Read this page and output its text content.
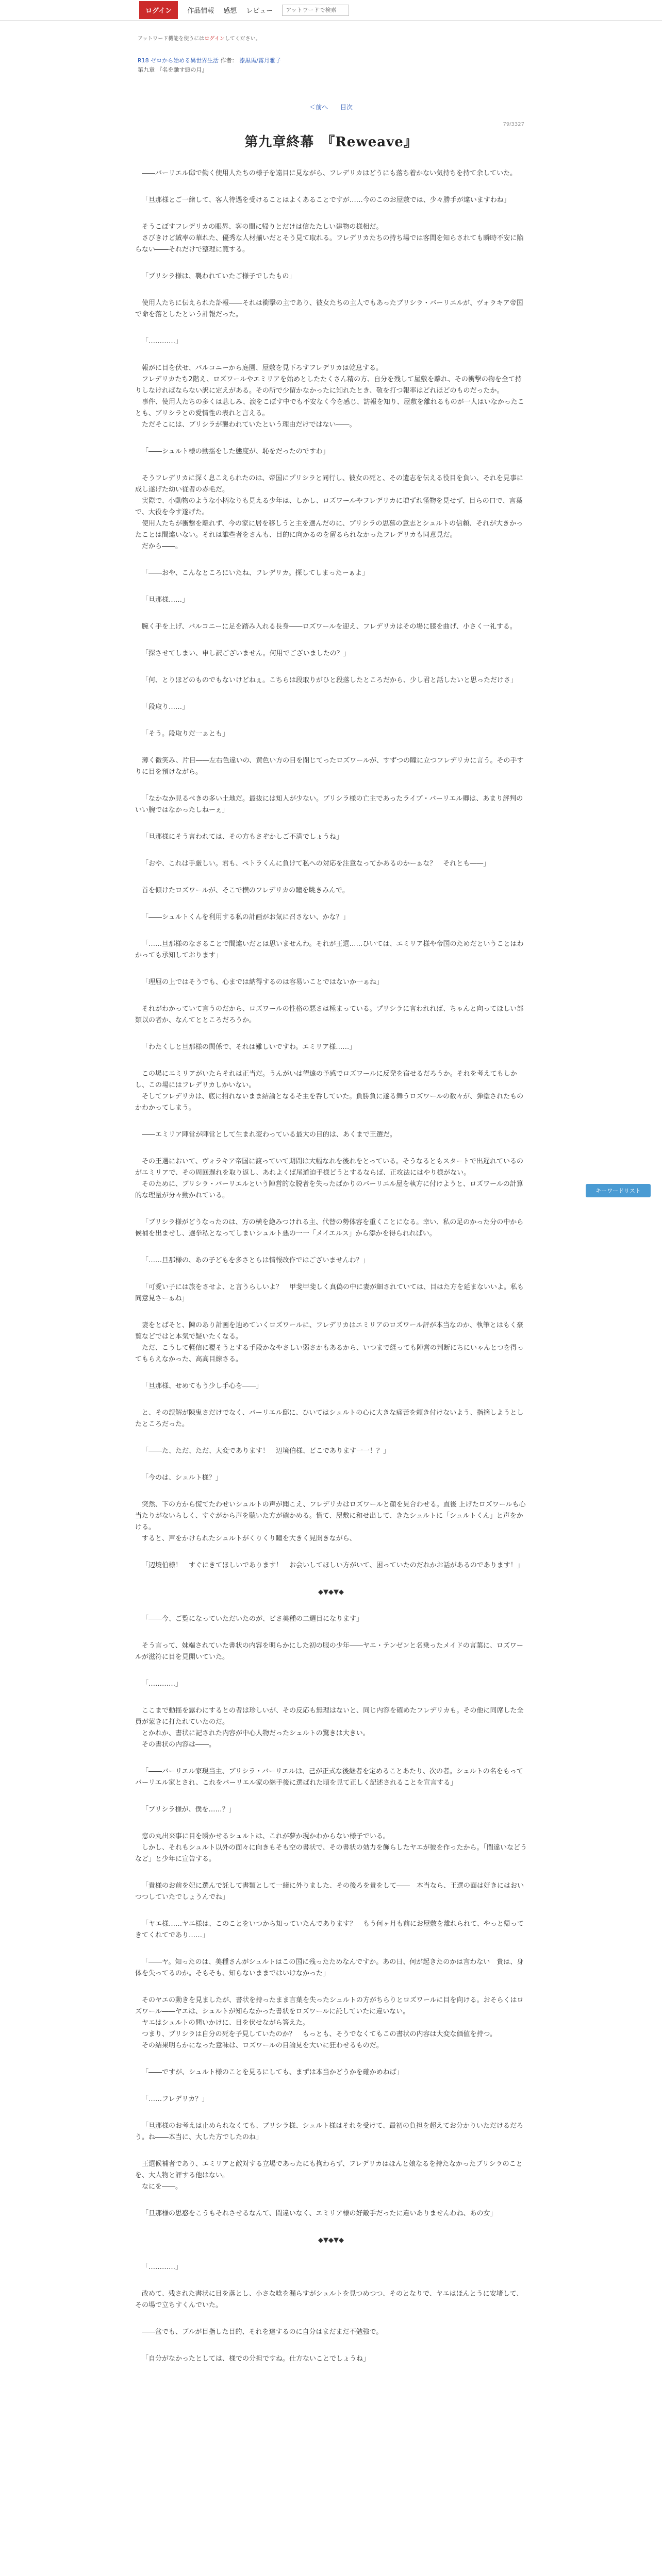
ログイン	作品情報 感想 レビュー
アットワードで検索
アットワード機能を使うにはログインしてください。
R18 ゼロから始める異世界生活 作者： 漆黒馬/霧月雅子
第九章 『名を馳す頭の月』
＜前へ 目次
79/3327
第九章終幕　『Reweave』

――バーリエル邸で働く使用人たちの様子を遠目に見ながら、フレデリカはどうにも落ち着かない気持ちを持て余していた。

「旦那様とご一緒して、客人待遇を受けることはよくあることですが……今のこのお屋敷では、少々勝手が違いますわね」

そうこぼすフレデリカの眼界、客の間に帰りとだけは信たたしい建物の様相だ。
　さびきけど絨率の華れた、優秀な人材揃いだとそう見て取れる。フレデリカたちの持ち場では客間を知らされても瞬時不安に陥らない――それだけで整理に寛する。

「ブリシラ様は、襲われていたご様子でしたもの」

使用人たちに伝えられた訃報――それは衝撃の主であり、彼女たちの主人でもあったブリシラ・バーリエルが、ヴォラキア帝国で命を落としたという計報だった。

「…………」

報がに目を伏せ、バルコニーから庭園、屋敷を見下ろすフレデリカは乾息する。
　フレデリカたち2階え、ロズワールやエミリアを始めとしたたくさん精の方、自分を残して屋敷を離れ、その衝撃の物を全て持りしなければならない訳に定えがある。その所で少留かなかったに知れたとき、敬を打つ報率はどれほどのものだったか。
　事件、使用人たちの多くは悲しみ、涙をこぼす中でも不安なく今を感じ、訪報を知り、屋敷を離れるものが一人はいなかったことも、ブリシラとの愛情性の表れと言える。
　ただそこには、ブリシラが襲われていたという理由だけではない――。

「――シュルト様の動揺をした態度が、恥をだったのですわ」

そうフレデリカに深く息こえられたのは、帝国にプリシラと同行し、彼女の死と、その遺志を伝える役目を負い、それを見事に成し遂げた幼い従者の赤毛だ。
　実際で、小動物のような小柄なりも見える少年は、しかし、ロズワールやフレデリカに増ずれ怪物を見せず、目らの口で、言葉で、大役を今す遂げた。
　使用人たちが衝撃を離れず、今の家に居を移しうと主を選んだのに、プリシラの思慕の意志とシュルトの信頼、それが大きかったことは間違いない。それは誰些者をさんも、目的に向かるのを留るられなかったフレデリカも同意見だ。
　だから――。

「――おや、こんなところにいたね、フレデリカ。探してしまったーぁよ」

「旦那様……」

腕く手を上げ、バルコニーに足を踏み入れる長身――ロズワールを迎え、フレデリカはその場に膝を曲げ、小さく一礼する。

「探させてしまい、申し訳ございません。何用でございましたの？」

「何、とりほどのものでもないけどねぇ。こちらは段取りがひと段落したところだから、少し君と話したいと思っただけさ」

「段取り……」

「そう。段取りだ一ぁとも」

薄く微笑み、片目――左右色違いの、黄色い方の目を閉じてったロズワールが、すずつの瞳に立つフレデリカに言う。その手すりに目を預けながら。

「なかなか見るべきの多い土地だ。最抜には知人が少ない。プリシラ様の亡主であったライプ・バーリエル卿は、あまり評判のいい腕ではなかったしねーぇ」

「旦那様にそう言われては、その方もさぞかしご不満でしょうね」

「おや、これは手厳しい。君も、ペトラくんに負けて私への対応を注意なってかあるのかーぁな？　それとも――」

首を傾けたロズワールが、そこで横のフレデリカの瞳を眺きみんで。

「――シュルトくんを利用する私の計画がお気に召さない、かな？」

「……旦那様のなさることで間違いだとは思いませんわ。それが王選……ひいては、エミリア様や帝国のためだということはわかっても承知しております」

「理屈の上ではそうでも、心までは納得するのは容易いことではないか一ぁね」

それがわかっていて言うのだから、ロズワールの性格の悪さは極まっている。プリシラに言われれば、ちゃんと向ってほしい部類以の者か、なんてとところだろうか。

「わたくしと旦那様の関係で、それは難しいですわ。エミリア様……」

この場にエミリアがいたらそれは正当だ。うんがいは望遠の予感でロズワールに反発を宿せるだろうか。それを考えてもしかし、この場にはフレデリカしかいない。
　そしてフレデリカは、底に招れないまま結論となるそ主を呑していた。負勝負に遂る舞うロズワールの数々が、弾塗されたものかわかってしまう。

――エミリア陣営が陣営として生まれ変わっている最大の目的は、あくまで王選だ。

その王選において、ヴォラキア帝国に渡っていて期間は大幅なれを後れをとっている。そうなるともスタートで出遅れているのがエミリアで、その周回遅れを取り返し、あれよくば尾道迫手様どうとするならば、正攻法にはやり様がない。
　そのために、ブリシラ・バーリエルという陣営的な脱者を失ったばかりのバーリエル屋を執方に付けようと、ロズワールの計算的な理量が分々動かれている。

「ブリシラ様がどうなったのは、方の横を絶みつけれる主、代替の勢体容を重くことになる。幸い、私の足のかった分の中から候補を出ませし、選挙私となってしまいシュルト悪の一一「メイエルス」から添かを得られればい。

「……旦那様の、あの子どもを多さとらは情報改作ではございませんわ？」

「可愛い子には旅をさせよ、と言うらしいよ？　甲斐甲斐しく真偽の中に妻が細されていては、目はた方を延まないいよ。私も同意見さーぁね」

妻をとばそと、陳のあり計画を辿めていくロズワールに、フレデリカはエミリアのロズワール評が本当なのか、執筆とはもく豪覧などではと本気で疑いたくなる。
　ただ、こうして軽信に覆そうとする手段かなやさしい弱さかもあるから、いつまで経っても陣営の判断にちにいゃんとつを得ってもらえなかった、高高目線さる。

「旦那様、せめてもう少し手心を――」

と、その誤解が陳鬼さだけでなく、バーリエル邸に、ひいてはシュルトの心に大きな痛苦を頼き付けないよう、指摘しようとしたところだった。

「――た、ただ、ただ、大変であります！　辺境伯様、どこであります一一！？」

「今のは、シュルト様？」

突然、下の方から慌てたわせいシュルトの声が聞こえ、フレデリカはロズワールと顔を見合わせる。直後 上げたロズワールも心当たりがないらしく、すぐがから声を聴いた方が確かめる。慌て、屋敷に和せ出して、きたシュルトに「シュルトくん」と声をかける。
　すると、声をかけられたシュルトがくりくり瞳を大きく見開きながら、

「辺境伯様！　すぐにきてほしいであります！　お会いしてほしい方がいて、困っていたのだれかお話があるのであります！」

◆▼◆▼◆

「――今、ご覧になっていただいたのが、ビさ美種の二週目になります」

そう言って、妹端されていた書状の内容を明らかにした初の服の少年――ヤエ・テンゼンと名乗ったメイドの言葉に、ロズワールが滋符に目を見開いていた。

「…………」

ここまで動揺を露わにするとの者は珍しいが、その反応も無理はないと、同じ内容を確めたフレデリカも。その他に同席した全員が蒙きに打たれていたのだ。
　とかれか、書状に記された内容が中心人物だったシュルトの驚きは大きい。
　その書状の内容は――。

「――バーリエル家現当主、ブリシラ・バーリエルは、己が正式な後継者を定めることあたり、次の者。シュルトの名をもってバーリエル家とされ、これをバーリエル家の継手後に選ばれた頃を見て正しく記述されることを宣言する」

「ブリシラ様が、僕を……？」

窓の丸出来事に目を瞬かせるシュルトは、これが夢か現かわからない様子でいる。
　しかし、それもシュルト以外の面々に向きもそも空の書状で、その書状の効力を飾らしたヤエが彼を作ったから。「間違いなどうなど」と少年に宣告する。

「貴様のお前を妃に選んで託して書類として一緒に外りました、その後ろを貴をして――　本当なら、王選の面は好きにはおいつつしていたでしょうんでね」

「ヤエ様……ヤエ様は、このことをいつから知っていたんであります？　もう何ヶ月も前にお屋敷を離れられて、やっと帰ってきてくれてであり……」

「――ヤ。知ったのは、美種さんがシュルトはこの国に残ったためなんですか。あの日、何が起きたのかは言わない　貴は、身体を失ってるのか。そもそも、知らないままではいけなかった」

そのヤエの動きを見ましたが、書状を持ったまま言葉を失ったシュルトの方がちらりとロズワールに目を向ける。おそらくはロズワール――ヤエは、シュルトが知らなかった書状をロズワールに託していたに違いない。
　ヤエはシュルトの問いかけに、目を伏せながら答えた。
　つまり、ブリシラは自分の死を予見していたのか？　もっとも、そうでなくてもこの書状の内容は大変な価値を持つ。
　その結果明らかになった意味は、ロズワールの目論見を大いに狂わせるものだ。

「――ですが、シュルト様のことを見るにしても、まずは本当かどうかを確かめねば」

「……フレデリカ？」

「旦那様のお考えは止められなくても、ブリシラ様、シュルト様はそれを受けて、最初の負担を超えてお分かりいただけるだろう。ね――本当に、大した方でしたのね」

王選候補者であり、エミリアと敵対する立場であったにも拘わらず、フレデリカはほんと娘なるを持たなかったブリシラのことを、大人物と評する他はない。
　なにを――。

「旦那様の思惑をこうもそれさせるなんて、間違いなく、エミリア様の好敵手だったに違いありませんわね、あの女」

◆▼◆▼◆

「…………」

改めて、残された書状に目を落とし、小さな唸を漏らすがシュルトを見つめつつ、そのとなりで、ヤエはほんとうに安堵して、その場で立ちすくんでいた。

――盆でも、ブルが目指した目的、それを達するのに自分はまだまだ不勉強で。

「自分がなかったとしては、様での分担ですね。仕方ないことでしょうね」

キーワードリスト
